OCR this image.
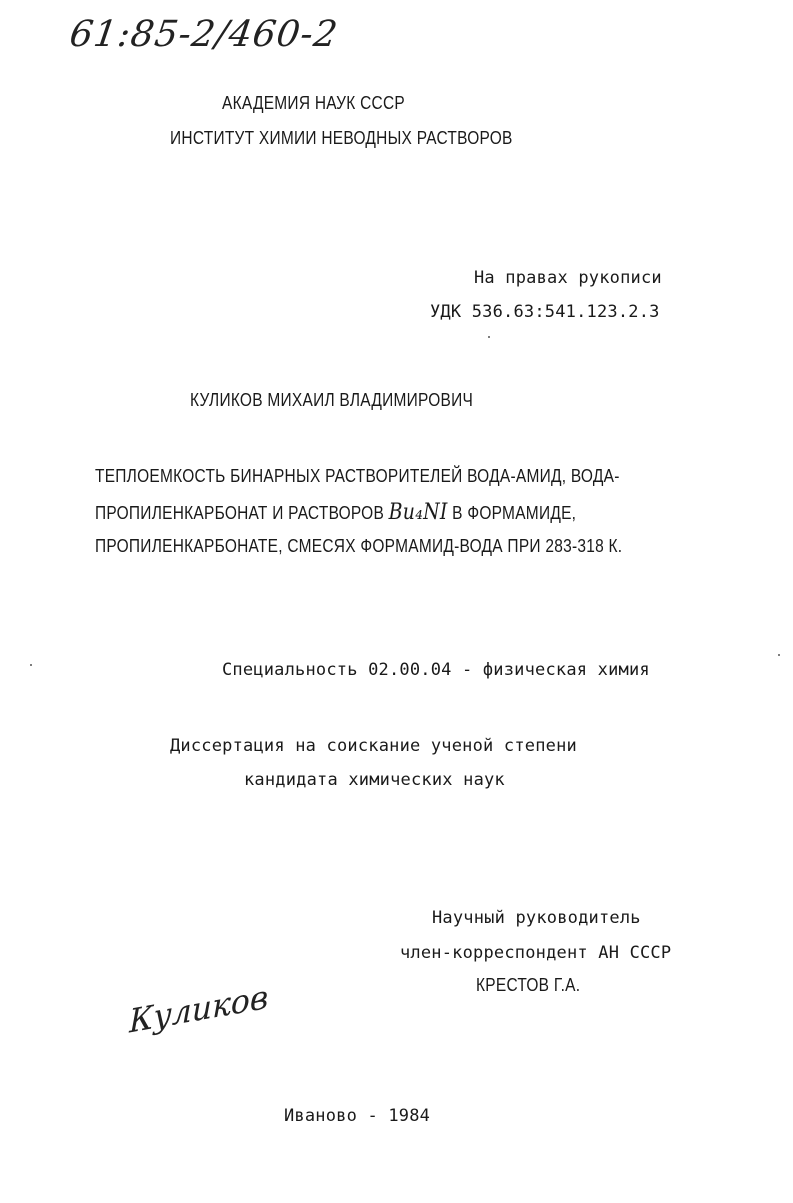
61:85-2/460-2
АКАДЕМИЯ НАУК СССР
ИНСТИТУТ ХИМИИ НЕВОДНЫХ РАСТВОРОВ
На правах рукописи
УДК 536.63:541.123.2.3
КУЛИКОВ МИХАИЛ ВЛАДИМИРОВИЧ
ТЕПЛОЕМКОСТЬ БИНАРНЫХ РАСТВОРИТЕЛЕЙ ВОДА-АМИД, ВОДА-
ПРОПИЛЕНКАРБОНАТ И РАСТВОРОВ Bu₄NI В ФОРМАМИДЕ,
ПРОПИЛЕНКАРБОНАТЕ, СМЕСЯХ ФОРМАМИД-ВОДА ПРИ 283-318 К.
Специальность 02.00.04 - физическая химия
Диссертация на соискание ученой степени
кандидата химических наук
Научный руководитель
член-корреспондент АН СССР
КРЕСТОВ Г.А.
Куликов
Иваново - 1984
